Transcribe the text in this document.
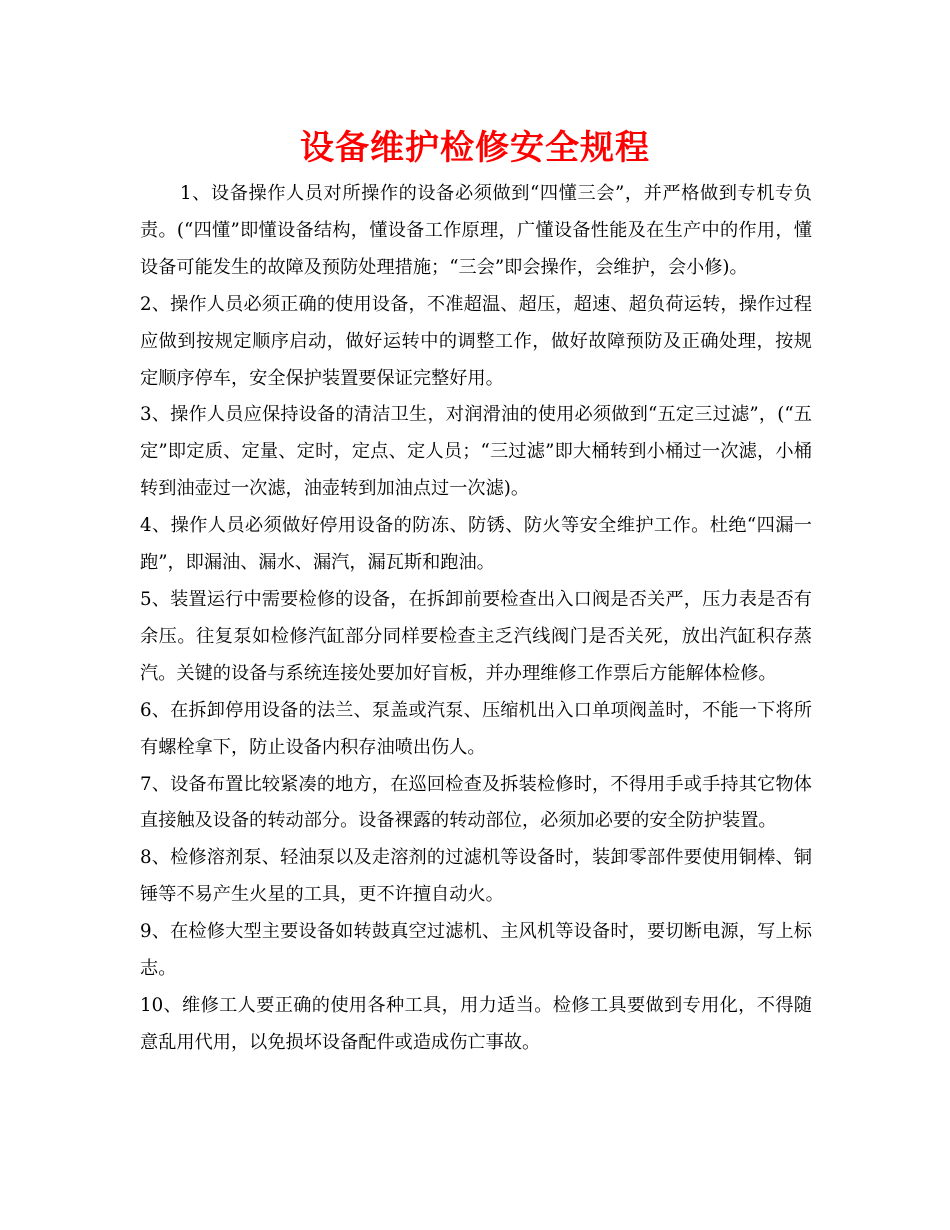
设备维护检修安全规程

1、设备操作人员对所操作的设备必须做到“四懂三会”，并严格做到专机专负责。(“四懂”即懂设备结构，懂设备工作原理，广懂设备性能及在生产中的作用，懂设备可能发生的故障及预防处理措施；“三会”即会操作，会维护，会小修)。

2、操作人员必须正确的使用设备，不准超温、超压，超速、超负荷运转，操作过程应做到按规定顺序启动，做好运转中的调整工作，做好故障预防及正确处理，按规定顺序停车，安全保护装置要保证完整好用。

3、操作人员应保持设备的清洁卫生，对润滑油的使用必须做到“五定三过滤”，(“五定”即定质、定量、定时，定点、定人员；“三过滤”即大桶转到小桶过一次滤，小桶转到油壶过一次滤，油壶转到加油点过一次滤)。

4、操作人员必须做好停用设备的防冻、防锈、防火等安全维护工作。杜绝“四漏一跑”，即漏油、漏水、漏汽，漏瓦斯和跑油。

5、装置运行中需要检修的设备，在拆卸前要检查出入口阀是否关严，压力表是否有余压。往复泵如检修汽缸部分同样要检查主乏汽线阀门是否关死，放出汽缸积存蒸汽。关键的设备与系统连接处要加好盲板，并办理维修工作票后方能解体检修。

6、在拆卸停用设备的法兰、泵盖或汽泵、压缩机出入口单项阀盖时，不能一下将所有螺栓拿下，防止设备内积存油喷出伤人。

7、设备布置比较紧凑的地方，在巡回检查及拆装检修时，不得用手或手持其它物体直接触及设备的转动部分。设备裸露的转动部位，必须加必要的安全防护装置。

8、检修溶剂泵、轻油泵以及走溶剂的过滤机等设备时，装卸零部件要使用铜棒、铜锤等不易产生火星的工具，更不许擅自动火。

9、在检修大型主要设备如转鼓真空过滤机、主风机等设备时，要切断电源，写上标志。

10、维修工人要正确的使用各种工具，用力适当。检修工具要做到专用化，不得随意乱用代用，以免损坏设备配件或造成伤亡事故。
